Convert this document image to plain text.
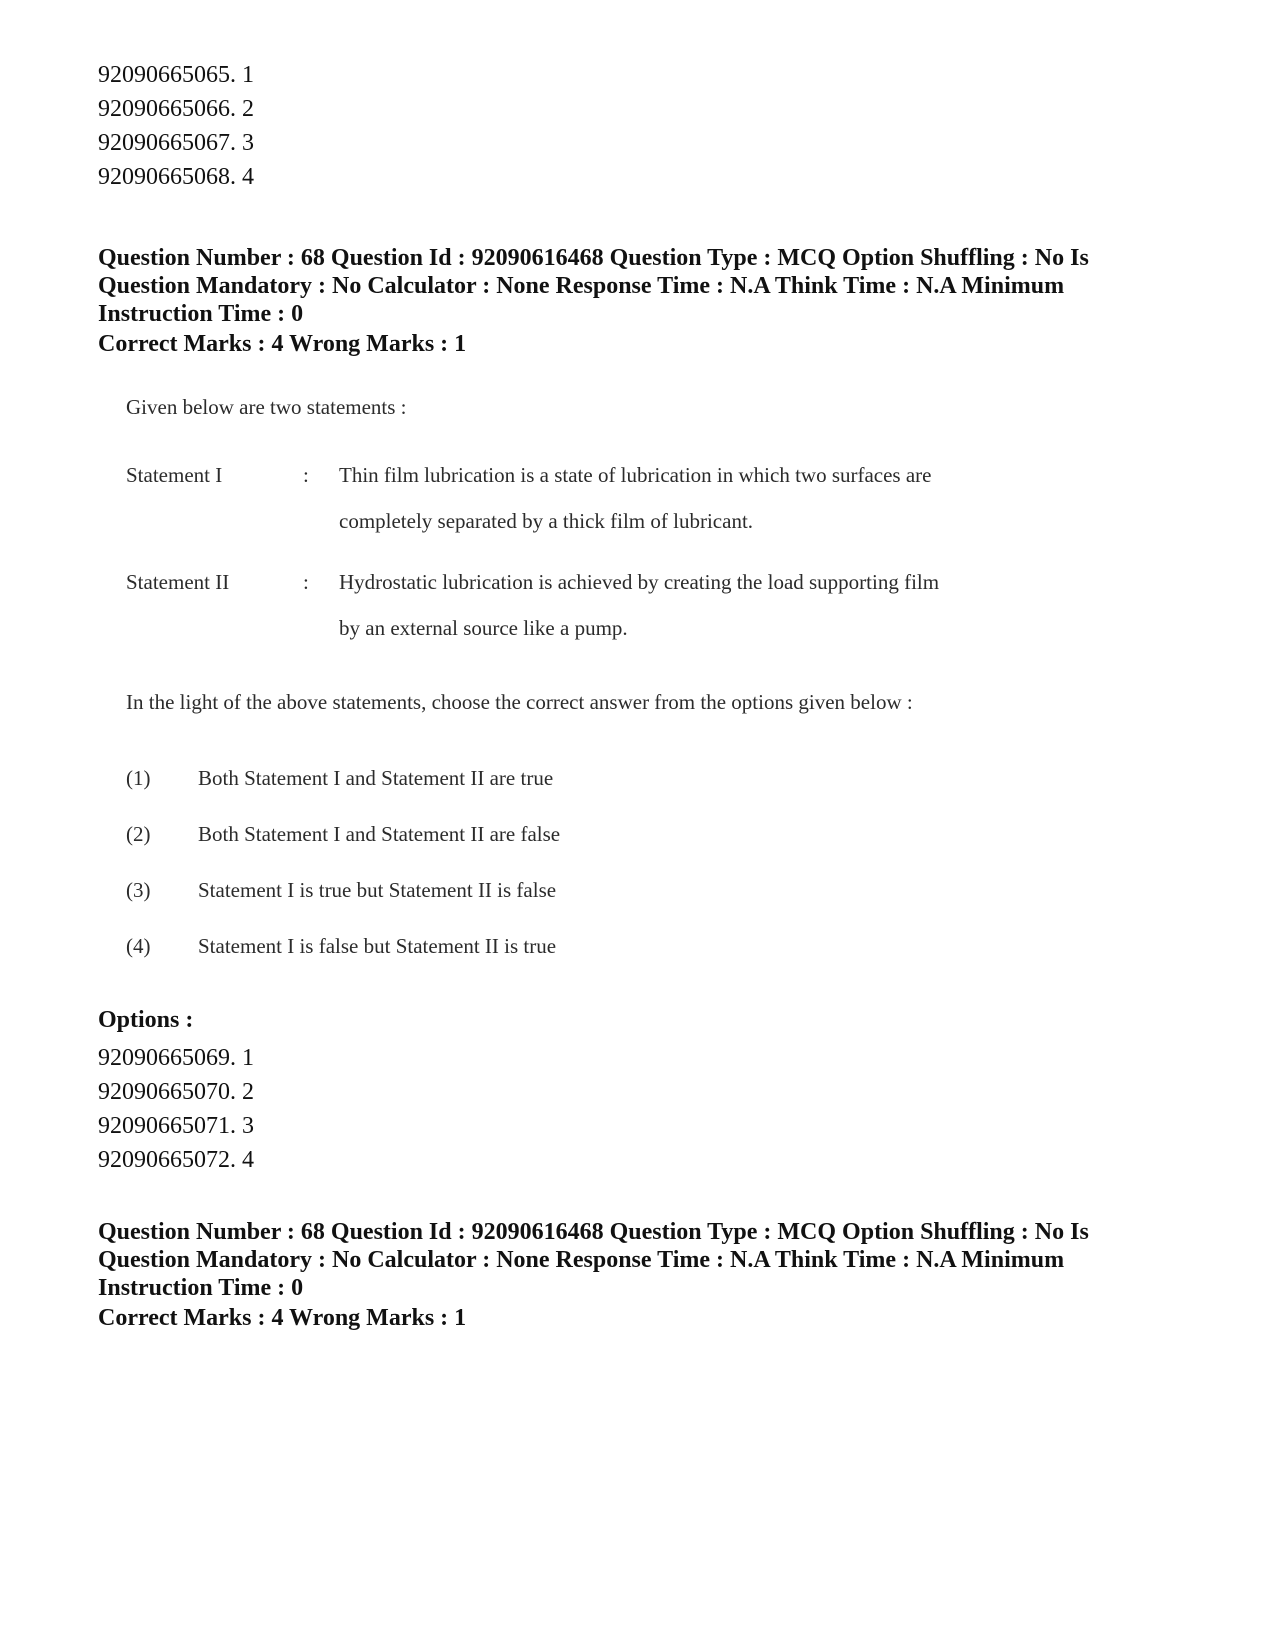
92090665065. 1
92090665066. 2
92090665067. 3
92090665068. 4
Question Number : 68 Question Id : 92090616468 Question Type : MCQ Option Shuffling : No Is
Question Mandatory : No Calculator : None Response Time : N.A Think Time : N.A Minimum
Instruction Time : 0
Correct Marks : 4 Wrong Marks : 1
Given below are two statements :
Statement I	: Thin film lubrication is a state of lubrication in which two surfaces are
completely separated by a thick film of lubricant.
Statement II	: Hydrostatic lubrication is achieved by creating the load supporting film
by an external source like a pump.
In the light of the above statements, choose the correct answer from the options given below :
(1) Both Statement I and Statement II are true
(2) Both Statement I and Statement II are false
(3) Statement I is true but Statement II is false
(4) Statement I is false but Statement II is true
Options :
92090665069. 1
92090665070. 2
92090665071. 3
92090665072. 4
Question Number : 68 Question Id : 92090616468 Question Type : MCQ Option Shuffling : No Is
Question Mandatory : No Calculator : None Response Time : N.A Think Time : N.A Minimum
Instruction Time : 0
Correct Marks : 4 Wrong Marks : 1
